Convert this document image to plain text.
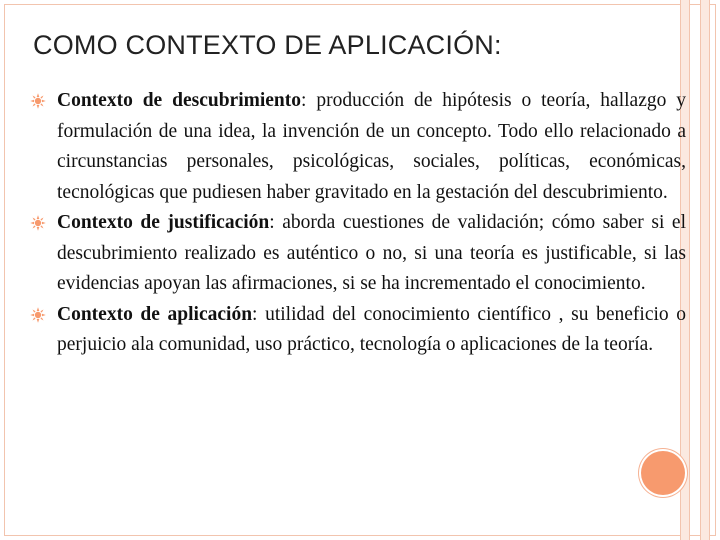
COMO CONTEXTO DE APLICACIÓN:
Contexto de descubrimiento: producción de hipótesis o teoría, hallazgo y formulación de una idea, la invención de un concepto. Todo ello relacionado a circunstancias personales, psicológicas, sociales, políticas, económicas, tecnológicas que pudiesen haber gravitado en la gestación del descubrimiento.
Contexto de justificación: aborda cuestiones de validación; cómo saber si el descubrimiento realizado es auténtico o no, si una teoría es justificable, si las evidencias apoyan las afirmaciones, si se ha incrementado el conocimiento.
Contexto de aplicación: utilidad del conocimiento científico , su beneficio o perjuicio ala comunidad, uso práctico, tecnología o aplicaciones de la teoría.
